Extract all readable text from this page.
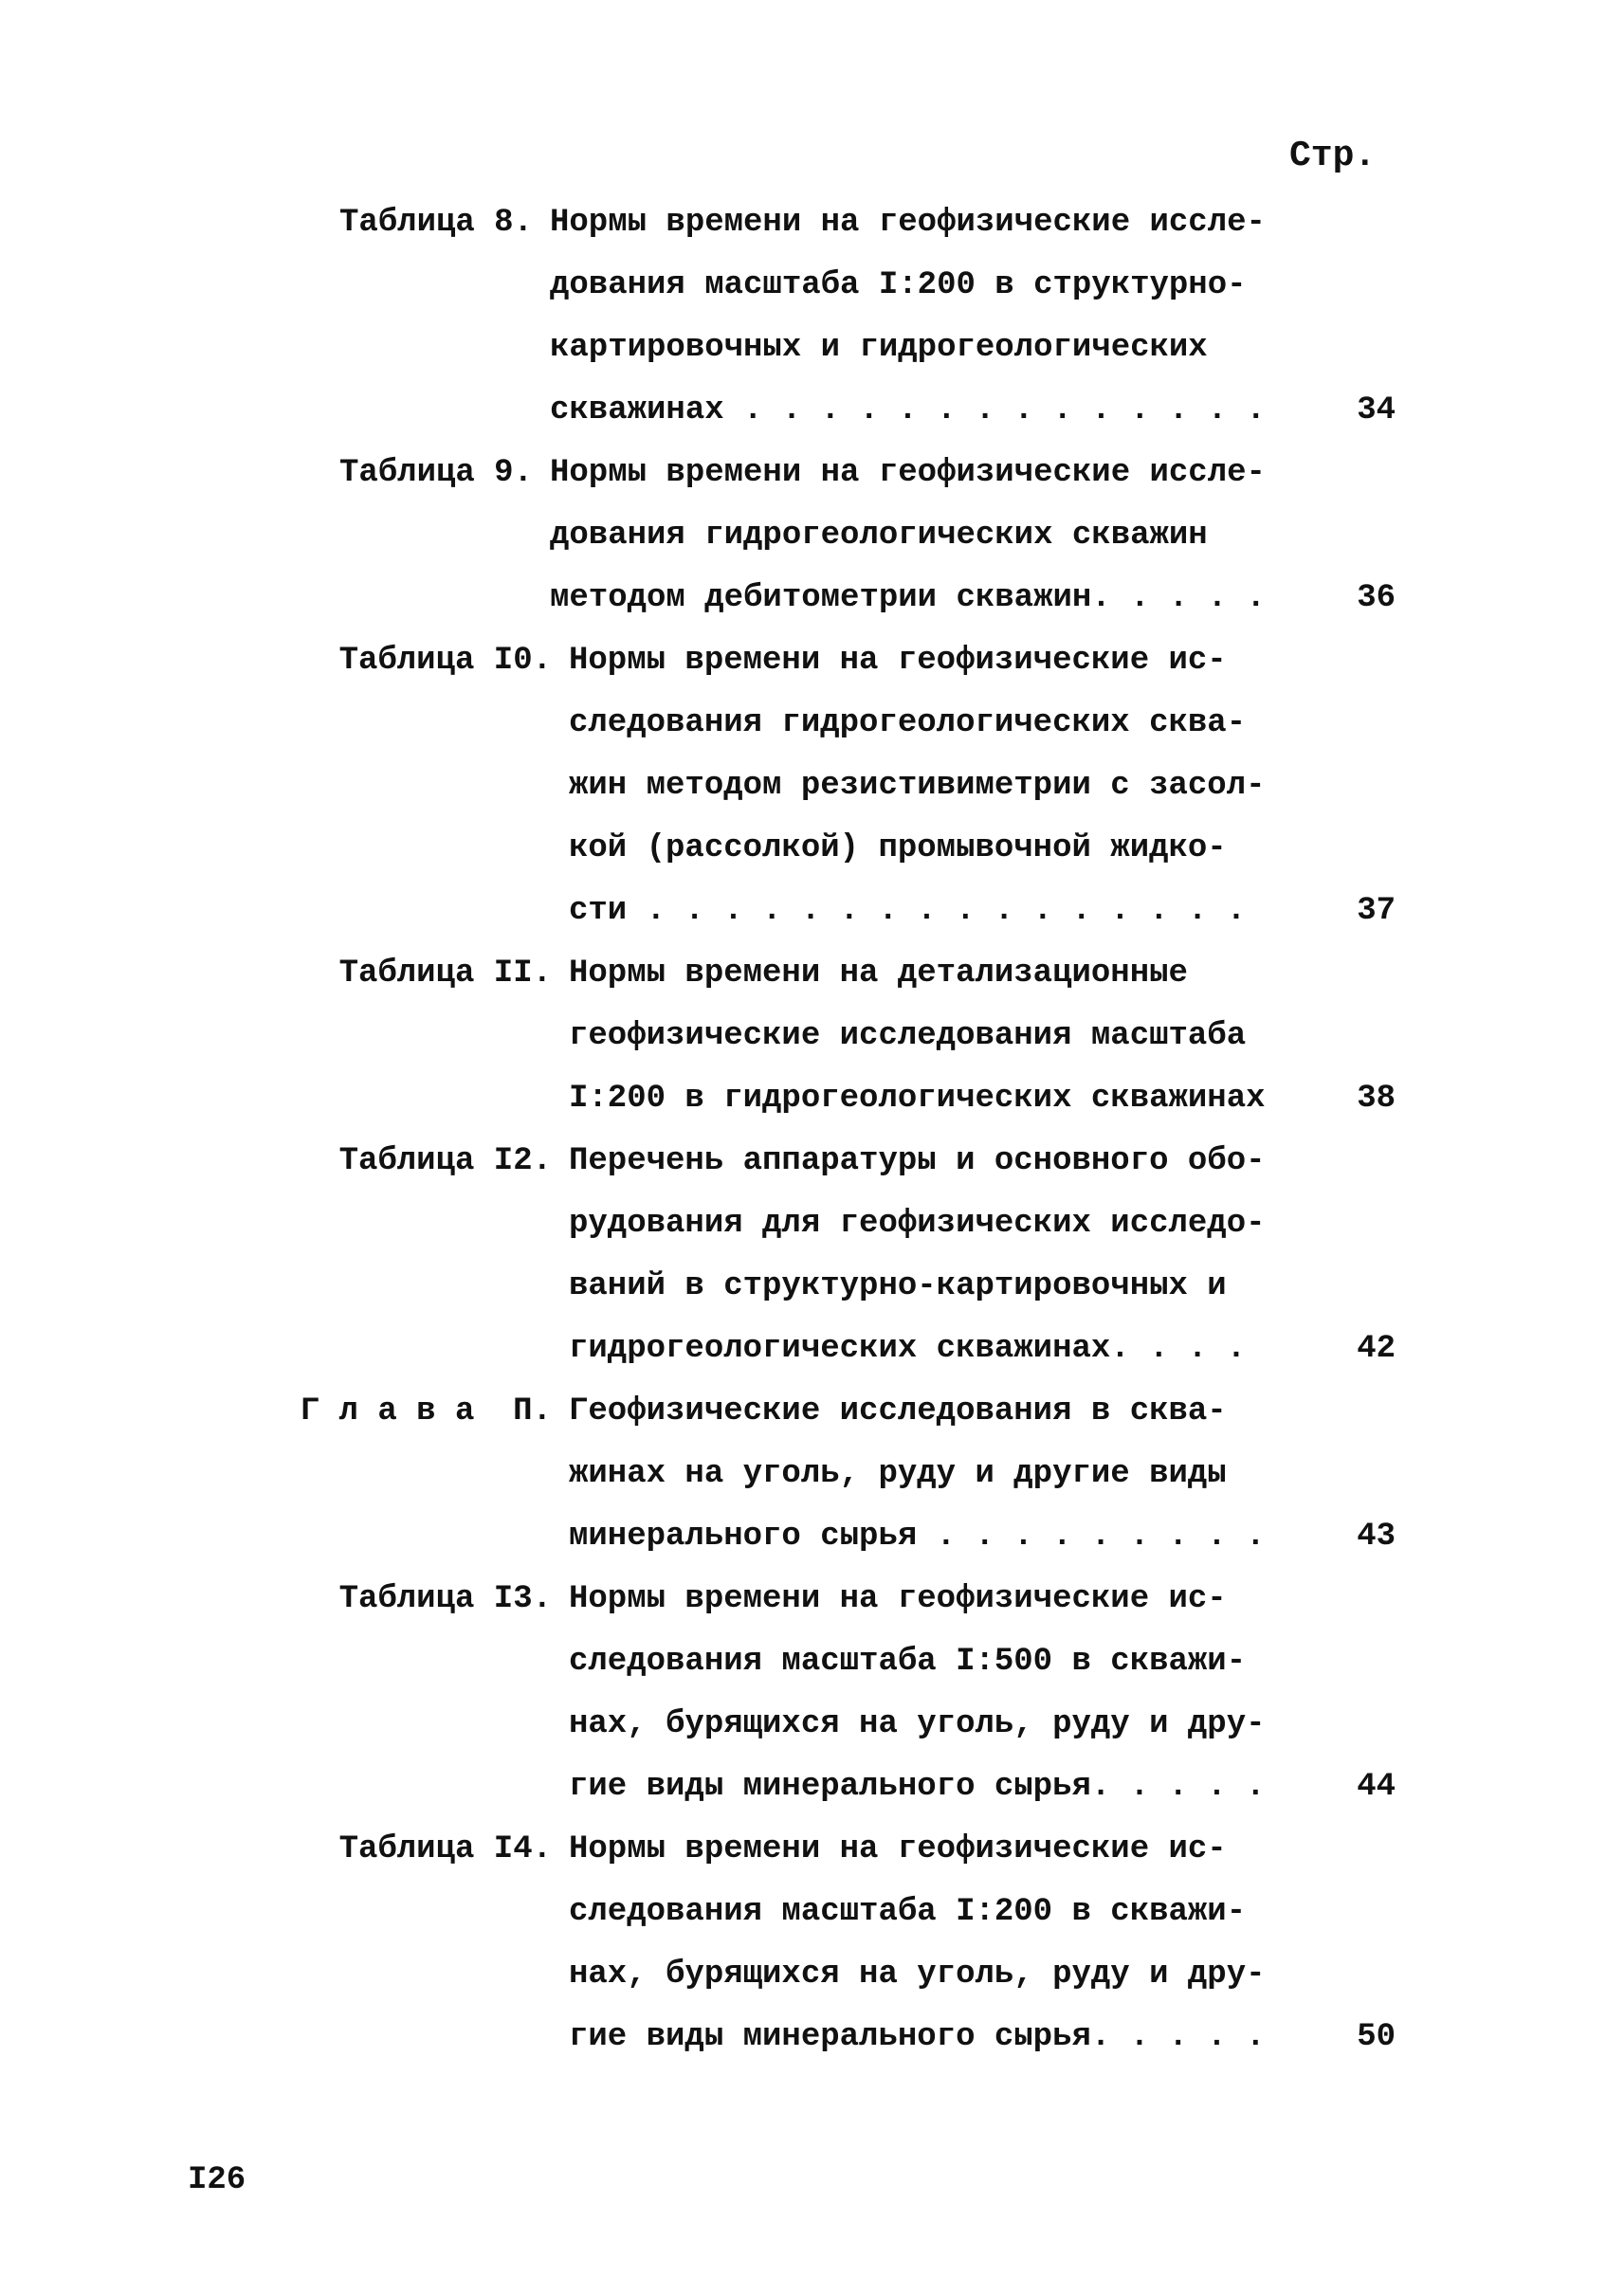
Стр.
Таблица 8. Нормы времени на геофизические иссле-
дования масштаба I:200 в структурно-
картировочных и гидрогеологических
скважинах . . . . . . . . . . . . . .	34
Таблица 9. Нормы времени на геофизические иссле-
дования гидрогеологических скважин
методом дебитометрии скважин. . . . .	36
Таблица I0. Нормы времени на геофизические ис-
следования гидрогеологических сква-
жин методом резистивиметрии с засол-
кой (рассолкой) промывочной жидко-
сти . . . . . . . . . . . . . . . .	37
Таблица II. Нормы времени на детализационные
геофизические исследования масштаба
I:200 в гидрогеологических скважинах	38
Таблица I2. Перечень аппаратуры и основного обо-
рудования для геофизических исследо-
ваний в структурно-картировочных и
гидрогеологических скважинах. . . .	42
Г л а в а  П. Геофизические исследования в сква-
жинах на уголь, руду и другие виды
минерального сырья . . . . . . . . .	43
Таблица I3. Нормы времени на геофизические ис-
следования масштаба I:500 в скважи-
нах, бурящихся на уголь, руду и дру-
гие виды минерального сырья. . . . .	44
Таблица I4. Нормы времени на геофизические ис-
следования масштаба I:200 в скважи-
нах, бурящихся на уголь, руду и дру-
гие виды минерального сырья. . . . .	50
I26
